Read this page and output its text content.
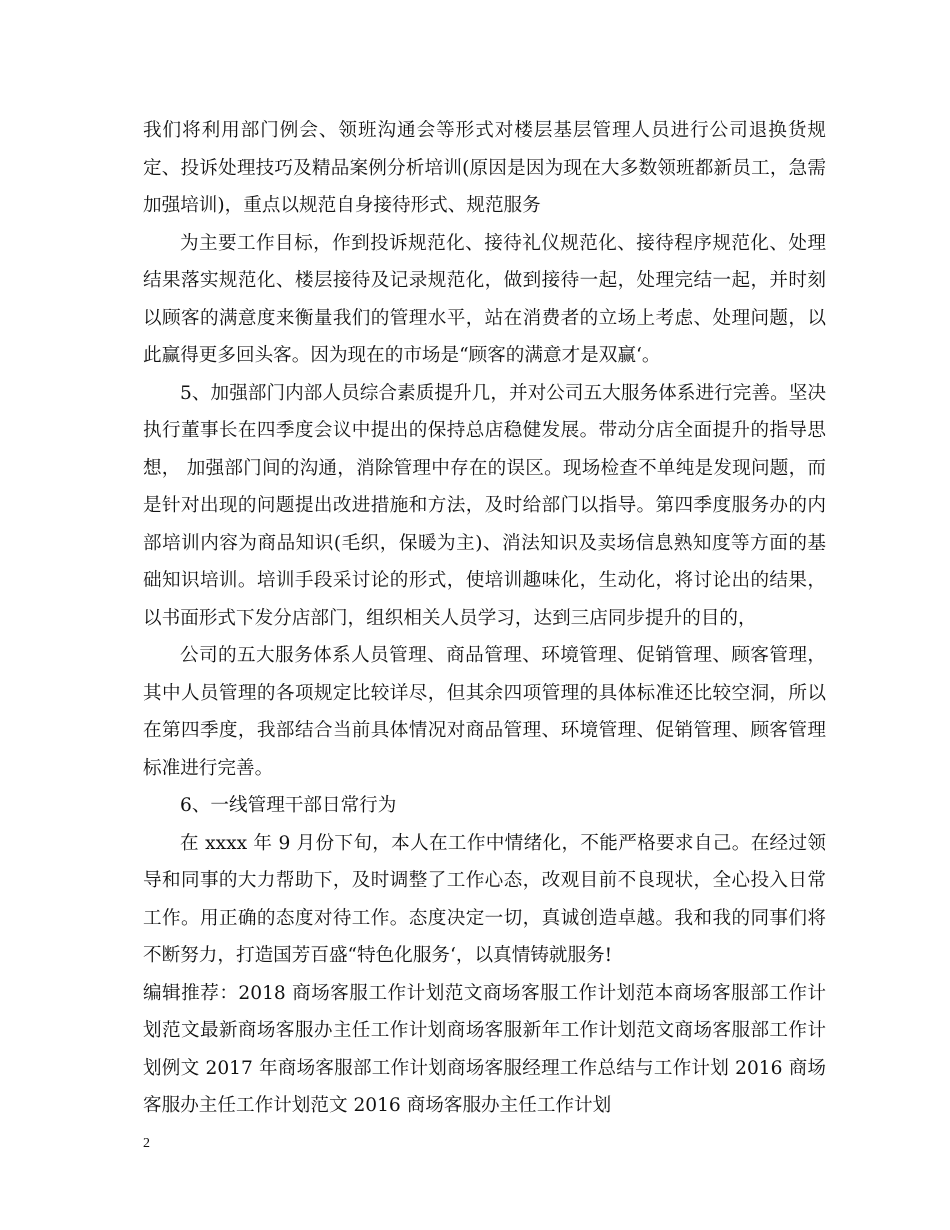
我们将利用部门例会、领班沟通会等形式对楼层基层管理人员进行公司退换货规定、投诉处理技巧及精品案例分析培训(原因是因为现在大多数领班都新员工，急需加强培训)，重点以规范自身接待形式、规范服务

为主要工作目标，作到投诉规范化、接待礼仪规范化、接待程序规范化、处理结果落实规范化、楼层接待及记录规范化，做到接待一起，处理完结一起，并时刻以顾客的满意度来衡量我们的管理水平，站在消费者的立场上考虑、处理问题，以此赢得更多回头客。因为现在的市场是“顾客的满意才是双赢‘。

5、加强部门内部人员综合素质提升几，并对公司五大服务体系进行完善。坚决执行董事长在四季度会议中提出的保持总店稳健发展。带动分店全面提升的指导思想， 加强部门间的沟通，消除管理中存在的误区。现场检查不单纯是发现问题，而是针对出现的问题提出改进措施和方法，及时给部门以指导。第四季度服务办的内部培训内容为商品知识(毛织，保暖为主)、消法知识及卖场信息熟知度等方面的基础知识培训。培训手段采讨论的形式，使培训趣味化，生动化，将讨论出的结果，以书面形式下发分店部门，组织相关人员学习，达到三店同步提升的目的，

公司的五大服务体系人员管理、商品管理、环境管理、促销管理、顾客管理，其中人员管理的各项规定比较详尽，但其余四项管理的具体标准还比较空洞，所以在第四季度，我部结合当前具体情况对商品管理、环境管理、促销管理、顾客管理标准进行完善。

6、一线管理干部日常行为

在 xxxx 年 9 月份下旬，本人在工作中情绪化，不能严格要求自己。在经过领导和同事的大力帮助下，及时调整了工作心态，改观目前不良现状，全心投入日常工作。用正确的态度对待工作。态度决定一切，真诚创造卓越。我和我的同事们将不断努力，打造国芳百盛“特色化服务‘，以真情铸就服务!

编辑推荐：2018 商场客服工作计划范文商场客服工作计划范本商场客服部工作计划范文最新商场客服办主任工作计划商场客服新年工作计划范文商场客服部工作计划例文 2017 年商场客服部工作计划商场客服经理工作总结与工作计划 2016 商场客服办主任工作计划范文 2016 商场客服办主任工作计划

2
